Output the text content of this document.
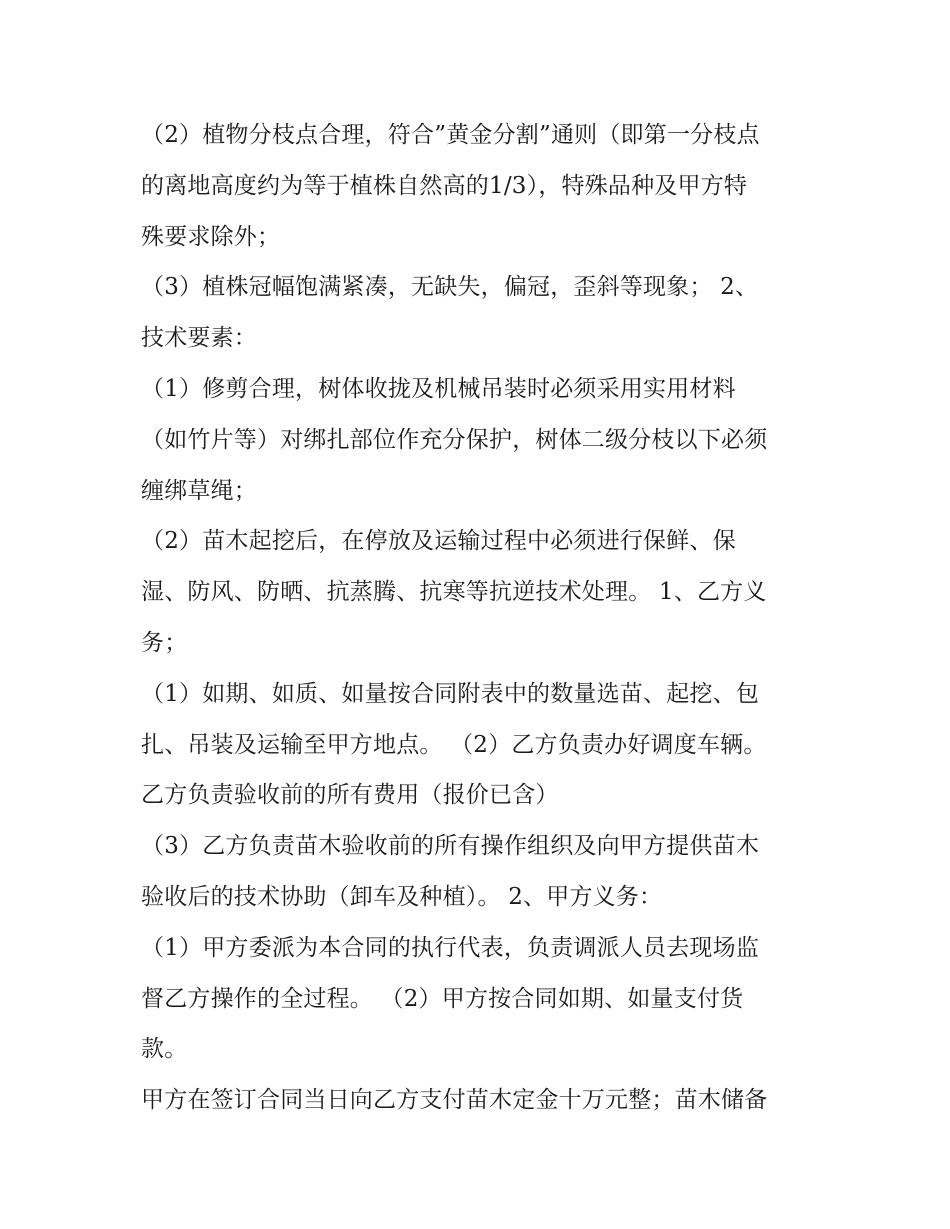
（2）植物分枝点合理，符合”黄金分割”通则（即第一分枝点
的离地高度约为等于植株自然高的1/3），特殊品种及甲方特
殊要求除外；
（3）植株冠幅饱满紧凑，无缺失，偏冠，歪斜等现象； 2、
技术要素：
（1）修剪合理，树体收拢及机械吊装时必须采用实用材料
（如竹片等）对绑扎部位作充分保护，树体二级分枝以下必须
缠绑草绳；
（2）苗木起挖后，在停放及运输过程中必须进行保鲜、保
湿、防风、防晒、抗蒸腾、抗寒等抗逆技术处理。 1、乙方义
务；
（1）如期、如质、如量按合同附表中的数量选苗、起挖、包
扎、吊装及运输至甲方地点。 （2）乙方负责办好调度车辆。
乙方负责验收前的所有费用（报价已含）
（3）乙方负责苗木验收前的所有操作组织及向甲方提供苗木
验收后的技术协助（卸车及种植）。 2、甲方义务：
（1）甲方委派为本合同的执行代表，负责调派人员去现场监
督乙方操作的全过程。 （2）甲方按合同如期、如量支付货
款。
甲方在签订合同当日向乙方支付苗木定金十万元整；苗木储备
